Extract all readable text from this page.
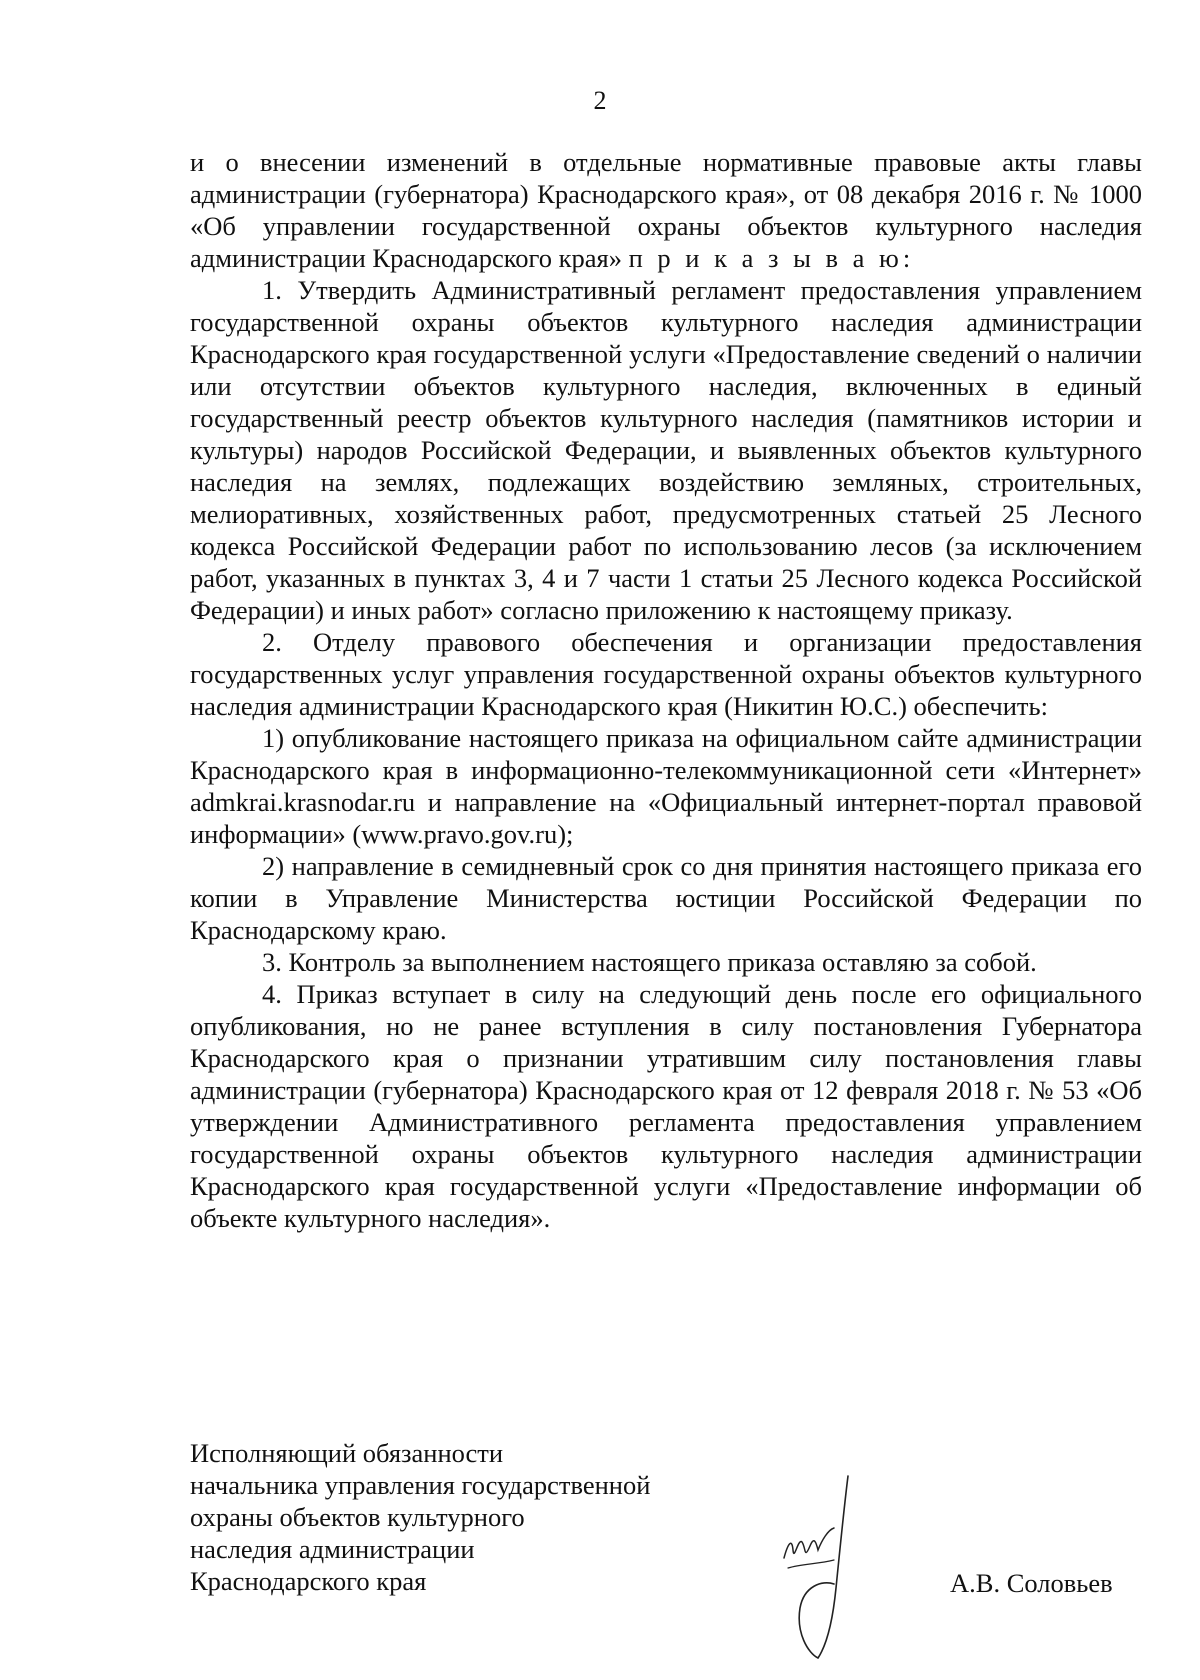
2

и о внесении изменений в отдельные нормативные правовые акты главы администрации (губернатора) Краснодарского края», от 08 декабря 2016 г. № 1000 «Об управлении государственной охраны объектов культурного наследия администрации Краснодарского края» п р и к а з ы в а ю:

1. Утвердить Административный регламент предоставления управлением государственной охраны объектов культурного наследия администрации Краснодарского края государственной услуги «Предоставление сведений о наличии или отсутствии объектов культурного наследия, включенных в единый государственный реестр объектов культурного наследия (памятников истории и культуры) народов Российской Федерации, и выявленных объектов культурного наследия на землях, подлежащих воздействию земляных, строительных, мелиоративных, хозяйственных работ, предусмотренных статьей 25 Лесного кодекса Российской Федерации работ по использованию лесов (за исключением работ, указанных в пунктах 3, 4 и 7 части 1 статьи 25 Лесного кодекса Российской Федерации) и иных работ» согласно приложению к настоящему приказу.

2. Отделу правового обеспечения и организации предоставления государственных услуг управления государственной охраны объектов культурного наследия администрации Краснодарского края (Никитин Ю.С.) обеспечить:

1) опубликование настоящего приказа на официальном сайте администрации Краснодарского края в информационно-телекоммуникационной сети «Интернет» admkrai.krasnodar.ru и направление на «Официальный интернет-портал правовой информации» (www.pravo.gov.ru);

2) направление в семидневный срок со дня принятия настоящего приказа его копии в Управление Министерства юстиции Российской Федерации по Краснодарскому краю.

3. Контроль за выполнением настоящего приказа оставляю за собой.

4. Приказ вступает в силу на следующий день после его официального опубликования, но не ранее вступления в силу постановления Губернатора Краснодарского края о признании утратившим силу постановления главы администрации (губернатора) Краснодарского края от 12 февраля 2018 г. № 53 «Об утверждении Административного регламента предоставления управлением государственной охраны объектов культурного наследия администрации Краснодарского края государственной услуги «Предоставление информации об объекте культурного наследия».

Исполняющий обязанности
начальника управления государственной
охраны объектов культурного
наследия администрации
Краснодарского края	А.В. Соловьев
